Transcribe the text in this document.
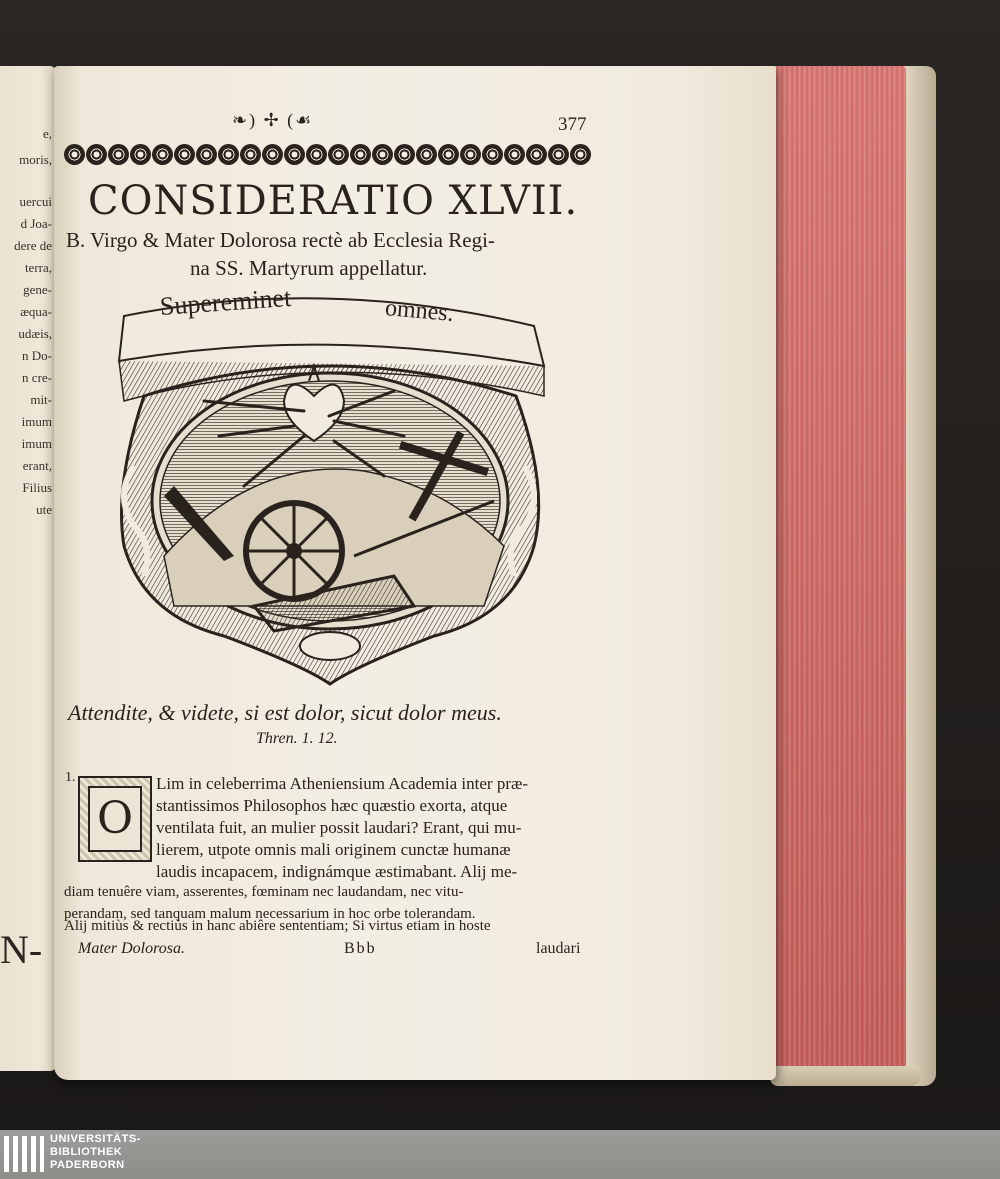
e,
moris,
uercui
d Joa-
dere de
terra,
gene-
æqua-
udæis,
n Do-
n cre-
mit-
imum
imum
erant,
Filius
ute
N-
❧) ✢ (☙	377
CONSIDERATIO XLVII.
B. Virgo & Mater Dolorosa rectè ab Ecclesia Regi-
na SS. Martyrum appellatur.
Supereminet	omnes.
Attendite, & videte, si est dolor, sicut dolor meus.
Thren. 1. 12.
1.
O
Lim in celeberrima Atheniensium Academia inter præ-
stantissimos Philosophos hæc quæstio exorta, atque
ventilata fuit, an mulier possit laudari? Erant, qui mu-
lierem, utpote omnis mali originem cunctæ humanæ
laudis incapacem, indignámque æstimabant. Alij me-
diam tenuêre viam, asserentes, fœminam nec laudandam, nec vitu-
perandam, sed tanquam malum necessarium in hoc orbe tolerandam.
Alij mitiùs & rectiùs in hanc abiêre sententiam; Si virtus etiam in hoste
Mater Dolorosa.	Bbb	laudari
UNIVERSITÄTS-
BIBLIOTHEK
PADERBORN
